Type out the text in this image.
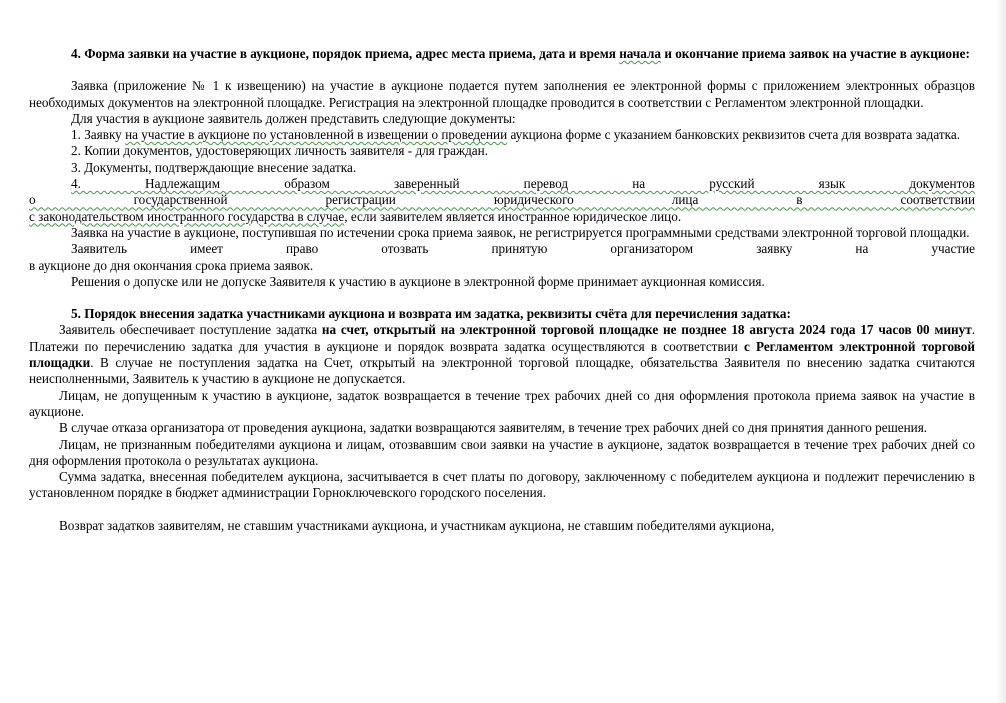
4. Форма заявки на участие в аукционе, порядок приема, адрес места приема, дата и время начала и окончание приема заявок на участие в аукционе:

Заявка (приложение № 1 к извещению) на участие в аукционе подается путем заполнения ее электронной формы с приложением электронных образцов необходимых документов на электронной площадке. Регистрация на электронной площадке проводится в соответствии с Регламентом электронной площадки.

Для участия в аукционе заявитель должен представить следующие документы:

1. Заявку на участие в аукционе по установленной в извещении о проведении аукциона форме с указанием банковских реквизитов счета для возврата задатка.

2. Копии документов, удостоверяющих личность заявителя - для граждан.

3. Документы, подтверждающие внесение задатка.

4. Надлежащим образом заверенный перевод на русский язык документов

о государственной регистрации юридического лица в соответствии

с законодательством иностранного государства в случае, если заявителем является иностранное юридическое лицо.

Заявка на участие в аукционе, поступившая по истечении срока приема заявок, не регистрируется программными средствами электронной торговой площадки.

Заявитель имеет право отозвать принятую организатором заявку на участие

в аукционе до дня окончания срока приема заявок.

Решения о допуске или не допуске Заявителя к участию в аукционе в электронной форме принимает аукционная комиссия.

5. Порядок внесения задатка участниками аукциона и возврата им задатка, реквизиты счёта для перечисления задатка:

Заявитель обеспечивает поступление задатка на счет, открытый на электронной торговой площадке не позднее 18 августа 2024 года 17 часов 00 минут. Платежи по перечислению задатка для участия в аукционе и порядок возврата задатка осуществляются в соответствии с Регламентом электронной торговой площадки. В случае не поступления задатка на Счет, открытый на электронной торговой площадке, обязательства Заявителя по внесению задатка считаются неисполненными, Заявитель к участию в аукционе не допускается.

Лицам, не допущенным к участию в аукционе, задаток возвращается в течение трех рабочих дней со дня оформления протокола приема заявок на участие в аукционе.

В случае отказа организатора от проведения аукциона, задатки возвращаются заявителям, в течение трех рабочих дней со дня принятия данного решения.

Лицам, не признанным победителями аукциона и лицам, отозвавшим свои заявки на участие в аукционе, задаток возвращается в течение трех рабочих дней со дня оформления протокола о результатах аукциона.

Сумма задатка, внесенная победителем аукциона, засчитывается в счет платы по договору, заключенному с победителем аукциона и подлежит перечислению в установленном порядке в бюджет администрации Горноключевского городского поселения.

Возврат задатков заявителям, не ставшим участниками аукциона, и участникам аукциона, не ставшим победителями аукциона,
